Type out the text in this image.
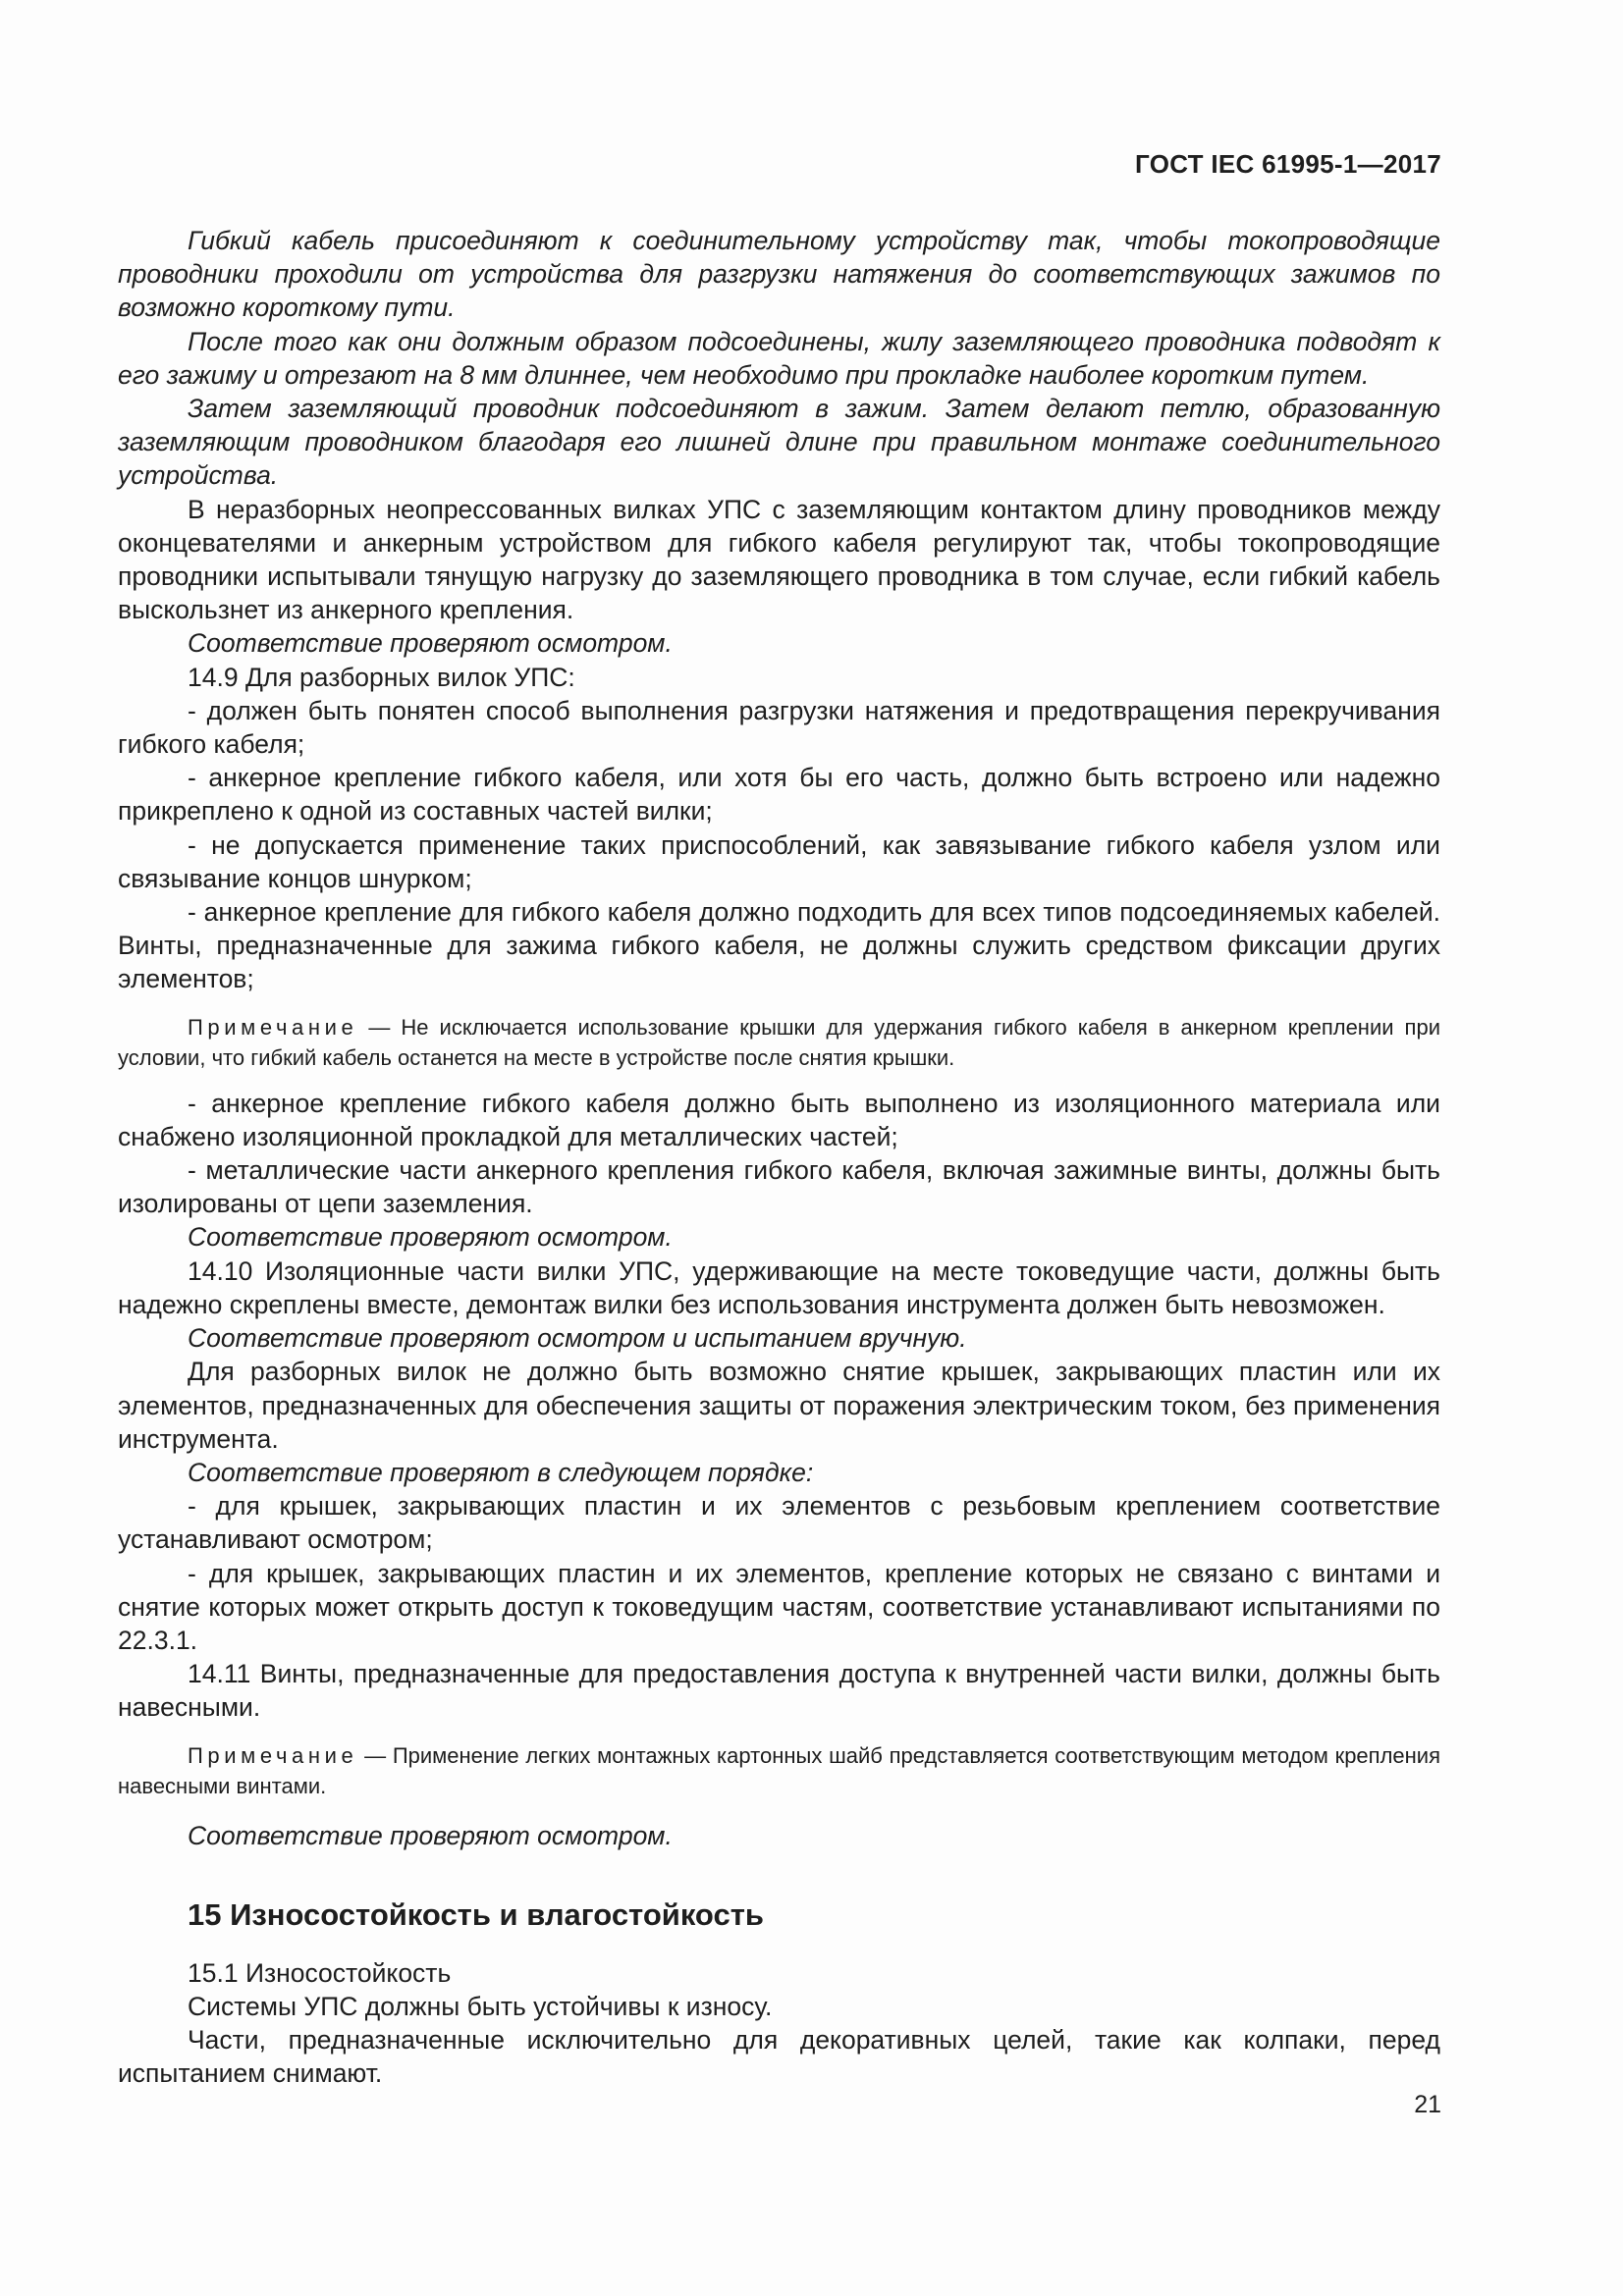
ГОСТ IEC 61995-1—2017

Гибкий кабель присоединяют к соединительному устройству так, чтобы токопроводящие проводники проходили от устройства для разгрузки натяжения до соответствующих зажимов по возможно короткому пути.

После того как они должным образом подсоединены, жилу заземляющего проводника подводят к его зажиму и отрезают на 8 мм длиннее, чем необходимо при прокладке наиболее коротким путем.

Затем заземляющий проводник подсоединяют в зажим. Затем делают петлю, образованную заземляющим проводником благодаря его лишней длине при правильном монтаже соединительного устройства.

В неразборных неопрессованных вилках УПС с заземляющим контактом длину проводников между оконцевателями и анкерным устройством для гибкого кабеля регулируют так, чтобы токопроводящие проводники испытывали тянущую нагрузку до заземляющего проводника в том случае, если гибкий кабель выскользнет из анкерного крепления.

Соответствие проверяют осмотром.

14.9 Для разборных вилок УПС:

- должен быть понятен способ выполнения разгрузки натяжения и предотвращения перекручивания гибкого кабеля;

- анкерное крепление гибкого кабеля, или хотя бы его часть, должно быть встроено или надежно прикреплено к одной из составных частей вилки;

- не допускается применение таких приспособлений, как завязывание гибкого кабеля узлом или связывание концов шнурком;

- анкерное крепление для гибкого кабеля должно подходить для всех типов подсоединяемых кабелей. Винты, предназначенные для зажима гибкого кабеля, не должны служить средством фиксации других элементов;

Примечание — Не исключается использование крышки для удержания гибкого кабеля в анкерном креплении при условии, что гибкий кабель останется на месте в устройстве после снятия крышки.

- анкерное крепление гибкого кабеля должно быть выполнено из изоляционного материала или снабжено изоляционной прокладкой для металлических частей;

- металлические части анкерного крепления гибкого кабеля, включая зажимные винты, должны быть изолированы от цепи заземления.

Соответствие проверяют осмотром.

14.10 Изоляционные части вилки УПС, удерживающие на месте токоведущие части, должны быть надежно скреплены вместе, демонтаж вилки без использования инструмента должен быть невозможен.

Соответствие проверяют осмотром и испытанием вручную.

Для разборных вилок не должно быть возможно снятие крышек, закрывающих пластин или их элементов, предназначенных для обеспечения защиты от поражения электрическим током, без применения инструмента.

Соответствие проверяют в следующем порядке:

- для крышек, закрывающих пластин и их элементов с резьбовым креплением соответствие устанавливают осмотром;

- для крышек, закрывающих пластин и их элементов, крепление которых не связано с винтами и снятие которых может открыть доступ к токоведущим частям, соответствие устанавливают испытаниями по 22.3.1.

14.11 Винты, предназначенные для предоставления доступа к внутренней части вилки, должны быть навесными.

Примечание — Применение легких монтажных картонных шайб представляется соответствующим методом крепления навесными винтами.

Соответствие проверяют осмотром.

15 Износостойкость и влагостойкость

15.1 Износостойкость

Системы УПС должны быть устойчивы к износу.

Части, предназначенные исключительно для декоративных целей, такие как колпаки, перед испытанием снимают.

21
